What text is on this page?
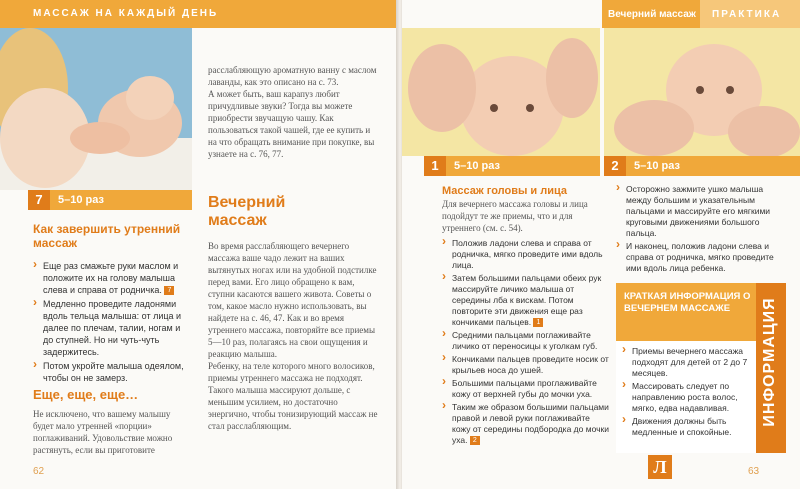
МАССАЖ НА КАЖДЫЙ ДЕНЬ
7	5–10 раз
Как завершить утренний массаж
› Еще раз смажьте руки маслом и положите их на голову малыша слева и справа от родничка. 7
› Медленно проведите ладонями вдоль тельца малыша: от лица и далее по плечам, талии, ногам и до ступней. Но ни чуть-чуть задержитесь.
› Потом укройте малыша одеялом, чтобы он не замерз.
Еще, еще, еще…
Не исключено, что вашему малышу будет мало утренней «порции» поглаживаний. Удовольствие можно растянуть, если вы приготовите

расслабляющую ароматную ванну с маслом лаванды, как это описано на с. 73.

А может быть, ваш карапуз любит причудливые звуки? Тогда вы можете приобрести звучащую чашу. Как пользоваться такой чашей, где ее купить и на что обращать внимание при покупке, вы узнаете на с. 76, 77.

Вечерний массаж

Во время расслабляющего вечернего массажа ваше чадо лежит на ваших вытянутых ногах или на удобной подстилке перед вами. Его лицо обращено к вам, ступни касаются вашего живота. Советы о том, какое масло нужно использовать, вы найдете на с. 46, 47. Как и во время утреннего массажа, повторяйте все приемы 5—10 раз, полагаясь на свои ощущения и реакцию малыша.

Ребенку, на теле которого много волосиков, приемы утреннего массажа не подходят. Такого малыша массируют дольше, с меньшим усилием, но достаточно энергично, чтобы тонизирующий массаж не стал расслабляющим.

62
Вечерний массаж ПРАКТИКА
1	5–10 раз	2	5–10 раз
Массаж головы и лица
Для вечернего массажа головы и лица подойдут те же приемы, что и для утреннего (см. с. 54).
› Положив ладони слева и справа от родничка, мягко проведите ими вдоль лица.
› Затем большими пальцами обеих рук массируйте личико малыша от середины лба к вискам. Потом повторите эти движения еще раз кончиками пальцев. 1
› Средними пальцами поглаживайте личико от переносицы к уголкам губ.
› Кончиками пальцев проведите носик от крыльев носа до ушей.
› Большими пальцами проглаживайте кожу от верхней губы до мочки уха.
› Таким же образом большими пальцами правой и левой руки поглаживайте кожу от середины подбородка до мочки уха. 2
› Осторожно зажмите ушко малыша между большим и указательным пальцами и массируйте его мягкими круговыми движениями большого пальца.
› И наконец, положив ладони слева и справа от родничка, мягко проведите ими вдоль лица ребенка.
63
КРАТКАЯ ИНФОРМАЦИЯ О ВЕЧЕРНЕМ МАССАЖЕ	ИНФОРМАЦИЯ
› Приемы вечернего массажа подходят для детей от 2 до 7 месяцев.
› Массировать следует по направлению роста волос, мягко, едва надавливая.
› Движения должны быть медленные и спокойные.
Л
